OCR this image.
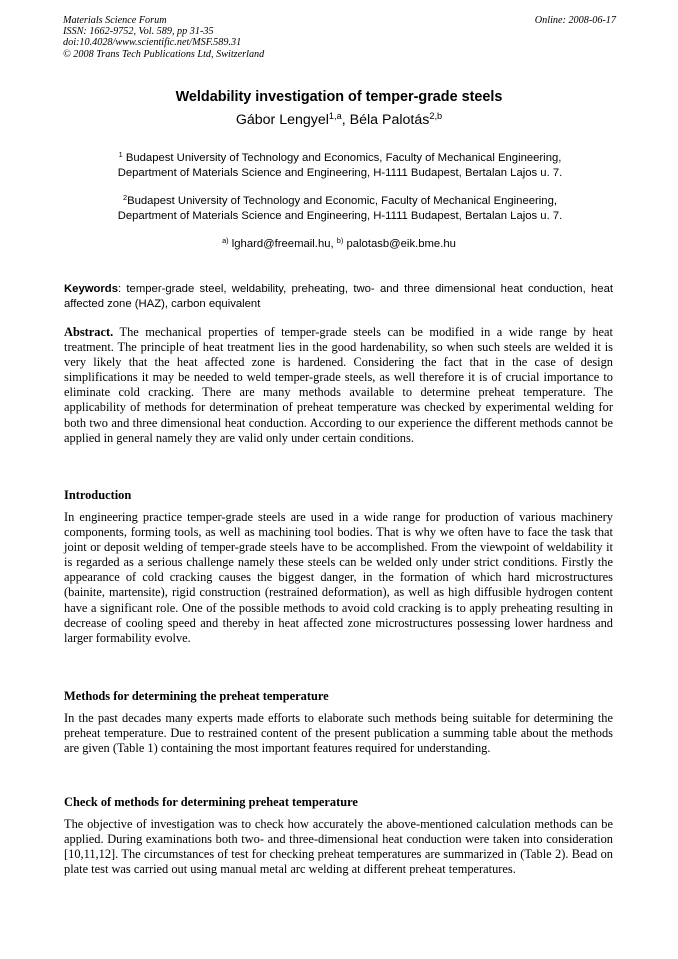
Materials Science Forum
ISSN: 1662-9752, Vol. 589, pp 31-35
doi:10.4028/www.scientific.net/MSF.589.31
© 2008 Trans Tech Publications Ltd, Switzerland
Online: 2008-06-17
Weldability investigation of temper-grade steels
Gábor Lengyel$^{1,a}$, Béla Palotás$^{2,b}$
$^1$ Budapest University of Technology and Economics, Faculty of Mechanical Engineering,
Department of Materials Science and Engineering, H-1111 Budapest, Bertalan Lajos u. 7.
$^2$Budapest University of Technology and Economic, Faculty of Mechanical Engineering,
Department of Materials Science and Engineering, H-1111 Budapest, Bertalan Lajos u. 7.
$^{a)}$ lghard@freemail.hu, $^{b)}$ palotasb@eik.bme.hu

Keywords: temper-grade steel, weldability, preheating, two- and three dimensional heat conduction, heat affected zone (HAZ), carbon equivalent

Abstract. The mechanical properties of temper-grade steels can be modified in a wide range by heat treatment. The principle of heat treatment lies in the good hardenability, so when such steels are welded it is very likely that the heat affected zone is hardened. Considering the fact that in the case of design simplifications it may be needed to weld temper-grade steels, as well therefore it is of crucial importance to eliminate cold cracking. There are many methods available to determine preheat temperature. The applicability of methods for determination of preheat temperature was checked by experimental welding for both two and three dimensional heat conduction. According to our experience the different methods cannot be applied in general namely they are valid only under certain conditions.

Introduction

In engineering practice temper-grade steels are used in a wide range for production of various machinery components, forming tools, as well as machining tool bodies. That is why we often have to face the task that joint or deposit welding of temper-grade steels have to be accomplished. From the viewpoint of weldability it is regarded as a serious challenge namely these steels can be welded only under strict conditions. Firstly the appearance of cold cracking causes the biggest danger, in the formation of which hard microstructures (bainite, martensite), rigid construction (restrained deformation), as well as high diffusible hydrogen content have a significant role. One of the possible methods to avoid cold cracking is to apply preheating resulting in decrease of cooling speed and thereby in heat affected zone microstructures possessing lower hardness and larger formability evolve.

Methods for determining the preheat temperature

In the past decades many experts made efforts to elaborate such methods being suitable for determining the preheat temperature. Due to restrained content of the present publication a summing table about the methods are given (Table 1) containing the most important features required for understanding.

Check of methods for determining preheat temperature

The objective of investigation was to check how accurately the above-mentioned calculation methods can be applied. During examinations both two- and three-dimensional heat conduction were taken into consideration [10,11,12]. The circumstances of test for checking preheat temperatures are summarized in (Table 2). Bead on plate test was carried out using manual metal arc welding at different preheat temperatures.
